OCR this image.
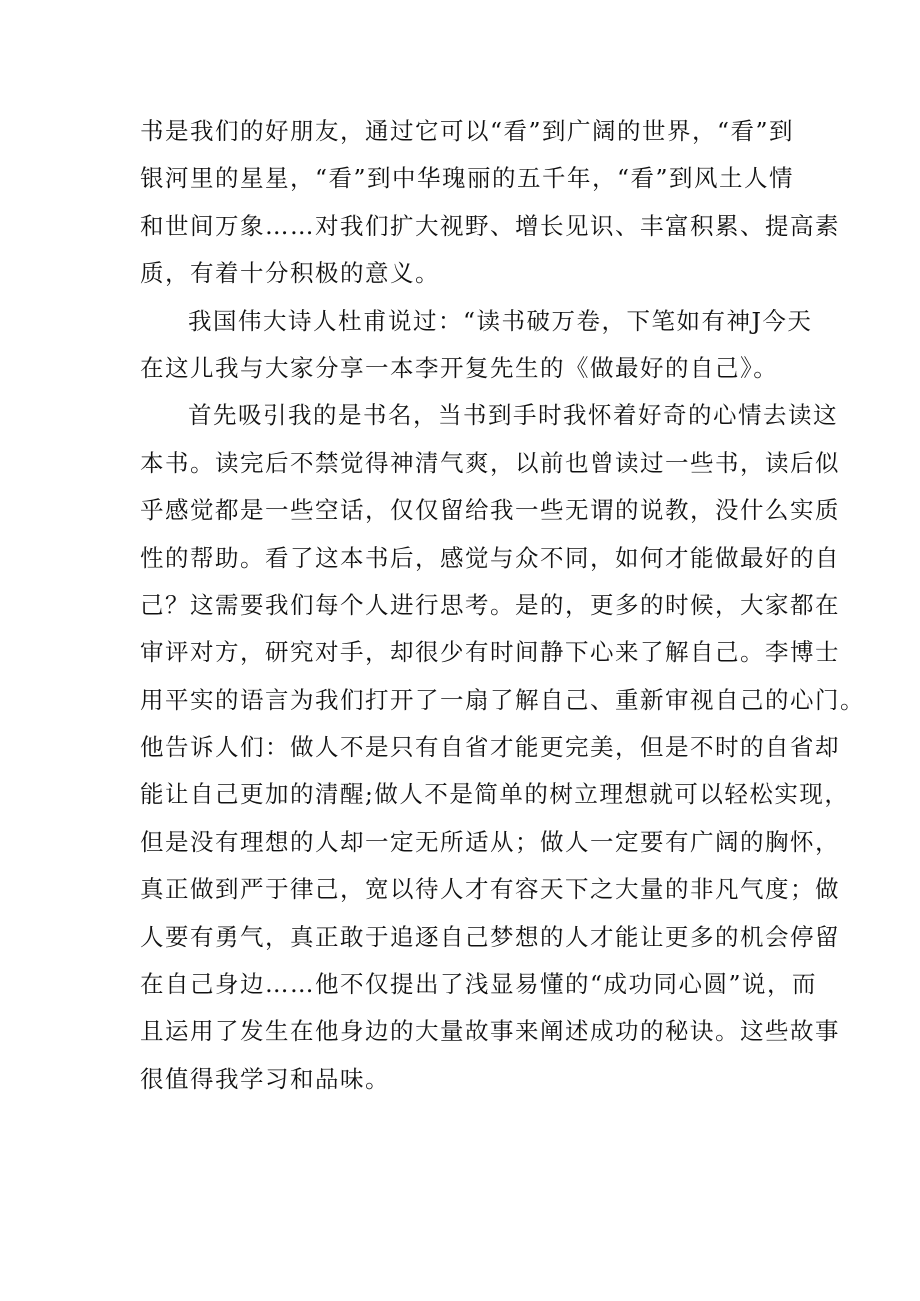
书是我们的好朋友，通过它可以“看”到广阔的世界，“看”到
银河里的星星，“看”到中华瑰丽的五千年，“看”到风土人情
和世间万象……对我们扩大视野、增长见识、丰富积累、提高素
质，有着十分积极的意义。
我国伟大诗人杜甫说过：“读书破万卷，下笔如有神J今天
在这儿我与大家分享一本李开复先生的《做最好的自己》。
首先吸引我的是书名，当书到手时我怀着好奇的心情去读这
本书。读完后不禁觉得神清气爽，以前也曾读过一些书，读后似
乎感觉都是一些空话，仅仅留给我一些无谓的说教，没什么实质
性的帮助。看了这本书后，感觉与众不同，如何才能做最好的自
己？这需要我们每个人进行思考。是的，更多的时候，大家都在
审评对方，研究对手，却很少有时间静下心来了解自己。李博士
用平实的语言为我们打开了一扇了解自己、重新审视自己的心门。
他告诉人们：做人不是只有自省才能更完美，但是不时的自省却
能让自己更加的清醒;做人不是简单的树立理想就可以轻松实现，
但是没有理想的人却一定无所适从；做人一定要有广阔的胸怀，
真正做到严于律己，宽以待人才有容天下之大量的非凡气度；做
人要有勇气，真正敢于追逐自己梦想的人才能让更多的机会停留
在自己身边……他不仅提出了浅显易懂的“成功同心圆”说，而
且运用了发生在他身边的大量故事来阐述成功的秘诀。这些故事
很值得我学习和品味。
